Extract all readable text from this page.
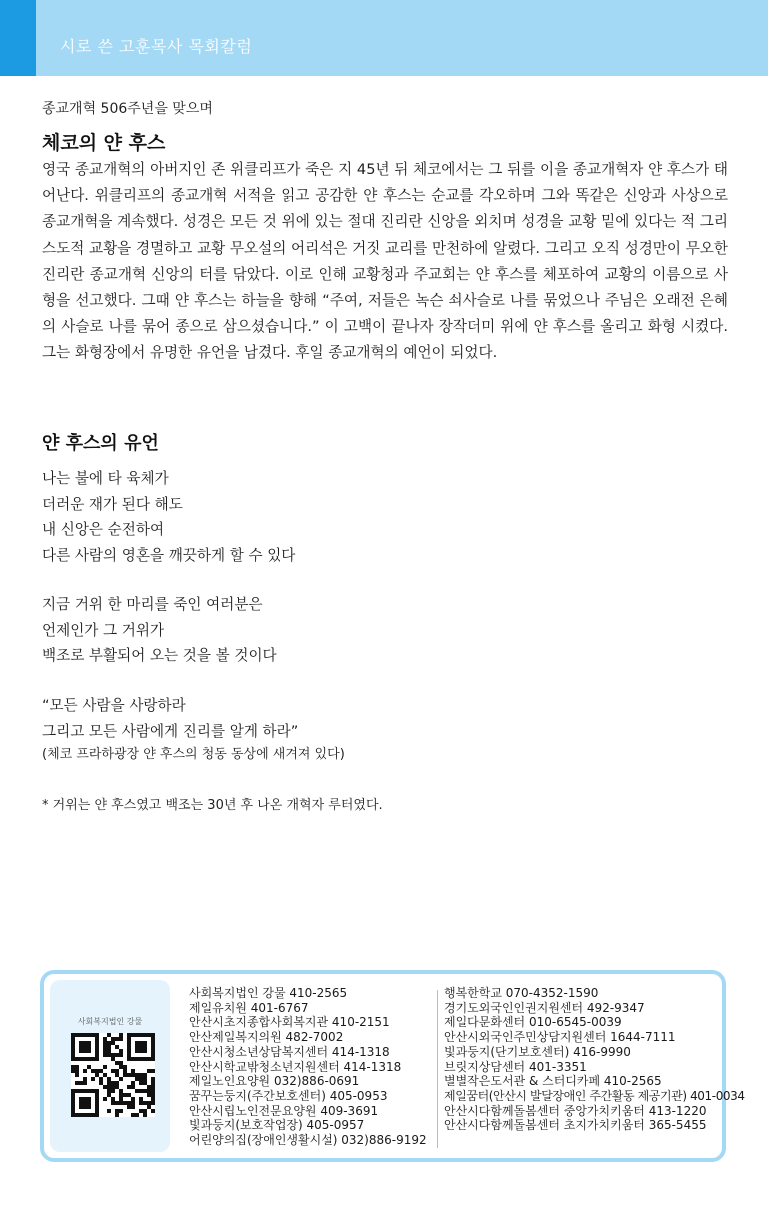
시로 쓴 고훈목사 목회칼럼
종교개혁 506주년을 맞으며
체코의 얀 후스

영국 종교개혁의 아버지인 존 위클리프가 죽은 지 45년 뒤 체코에서는 그 뒤를 이을 종교개혁자 얀 후스가 태어난다. 위클리프의 종교개혁 서적을 읽고 공감한 얀 후스는 순교를 각오하며 그와 똑같은 신앙과 사상으로 종교개혁을 계속했다. 성경은 모든 것 위에 있는 절대 진리란 신앙을 외치며 성경을 교황 밑에 있다는 적 그리스도적 교황을 경멸하고 교황 무오설의 어리석은 거짓 교리를 만천하에 알렸다. 그리고 오직 성경만이 무오한 진리란 종교개혁 신앙의 터를 닦았다. 이로 인해 교황청과 주교회는 얀 후스를 체포하여 교황의 이름으로 사형을 선고했다. 그때 얀 후스는 하늘을 향해 “주여, 저들은 녹슨 쇠사슬로 나를 묶었으나 주님은 오래전 은혜의 사슬로 나를 묶어 종으로 삼으셨습니다.” 이 고백이 끝나자 장작더미 위에 얀 후스를 올리고 화형 시켰다. 그는 화형장에서 유명한 유언을 남겼다. 후일 종교개혁의 예언이 되었다.

얀 후스의 유언
나는 불에 타 육체가
더러운 재가 된다 해도
내 신앙은 순전하여
다른 사람의 영혼을 깨끗하게 할 수 있다
지금 거위 한 마리를 죽인 여러분은
언제인가 그 거위가
백조로 부활되어 오는 것을 볼 것이다
“모든 사람을 사랑하라
그리고 모든 사람에게 진리를 알게 하라”
(체코 프라하광장 얀 후스의 청동 동상에 새겨져 있다)
* 거위는 얀 후스였고 백조는 30년 후 나온 개혁자 루터였다.
사회복지법인 강물
사회복지법인 강물 410-2565
제일유치원 401-6767
안산시초지종합사회복지관 410-2151
안산제일복지의원 482-7002
안산시청소년상담복지센터 414-1318
안산시학교밖청소년지원센터 414-1318
제일노인요양원 032)886-0691
꿈꾸는둥지(주간보호센터) 405-0953
안산시립노인전문요양원 409-3691
빛과둥지(보호작업장) 405-0957
어린양의집(장애인생활시설) 032)886-9192
행복한학교 070-4352-1590
경기도외국인인권지원센터 492-9347
제일다문화센터 010-6545-0039
안산시외국인주민상담지원센터 1644-7111
빛과둥지(단기보호센터) 416-9990
브릿지상담센터 401-3351
별별작은도서관 & 스터디카페 410-2565
제일꿈터(안산시 발달장애인 주간활동 제공기관) 401-0034
안산시다함께돌봄센터 중앙가치키움터 413-1220
안산시다함께돌봄센터 초지가치키움터 365-5455
